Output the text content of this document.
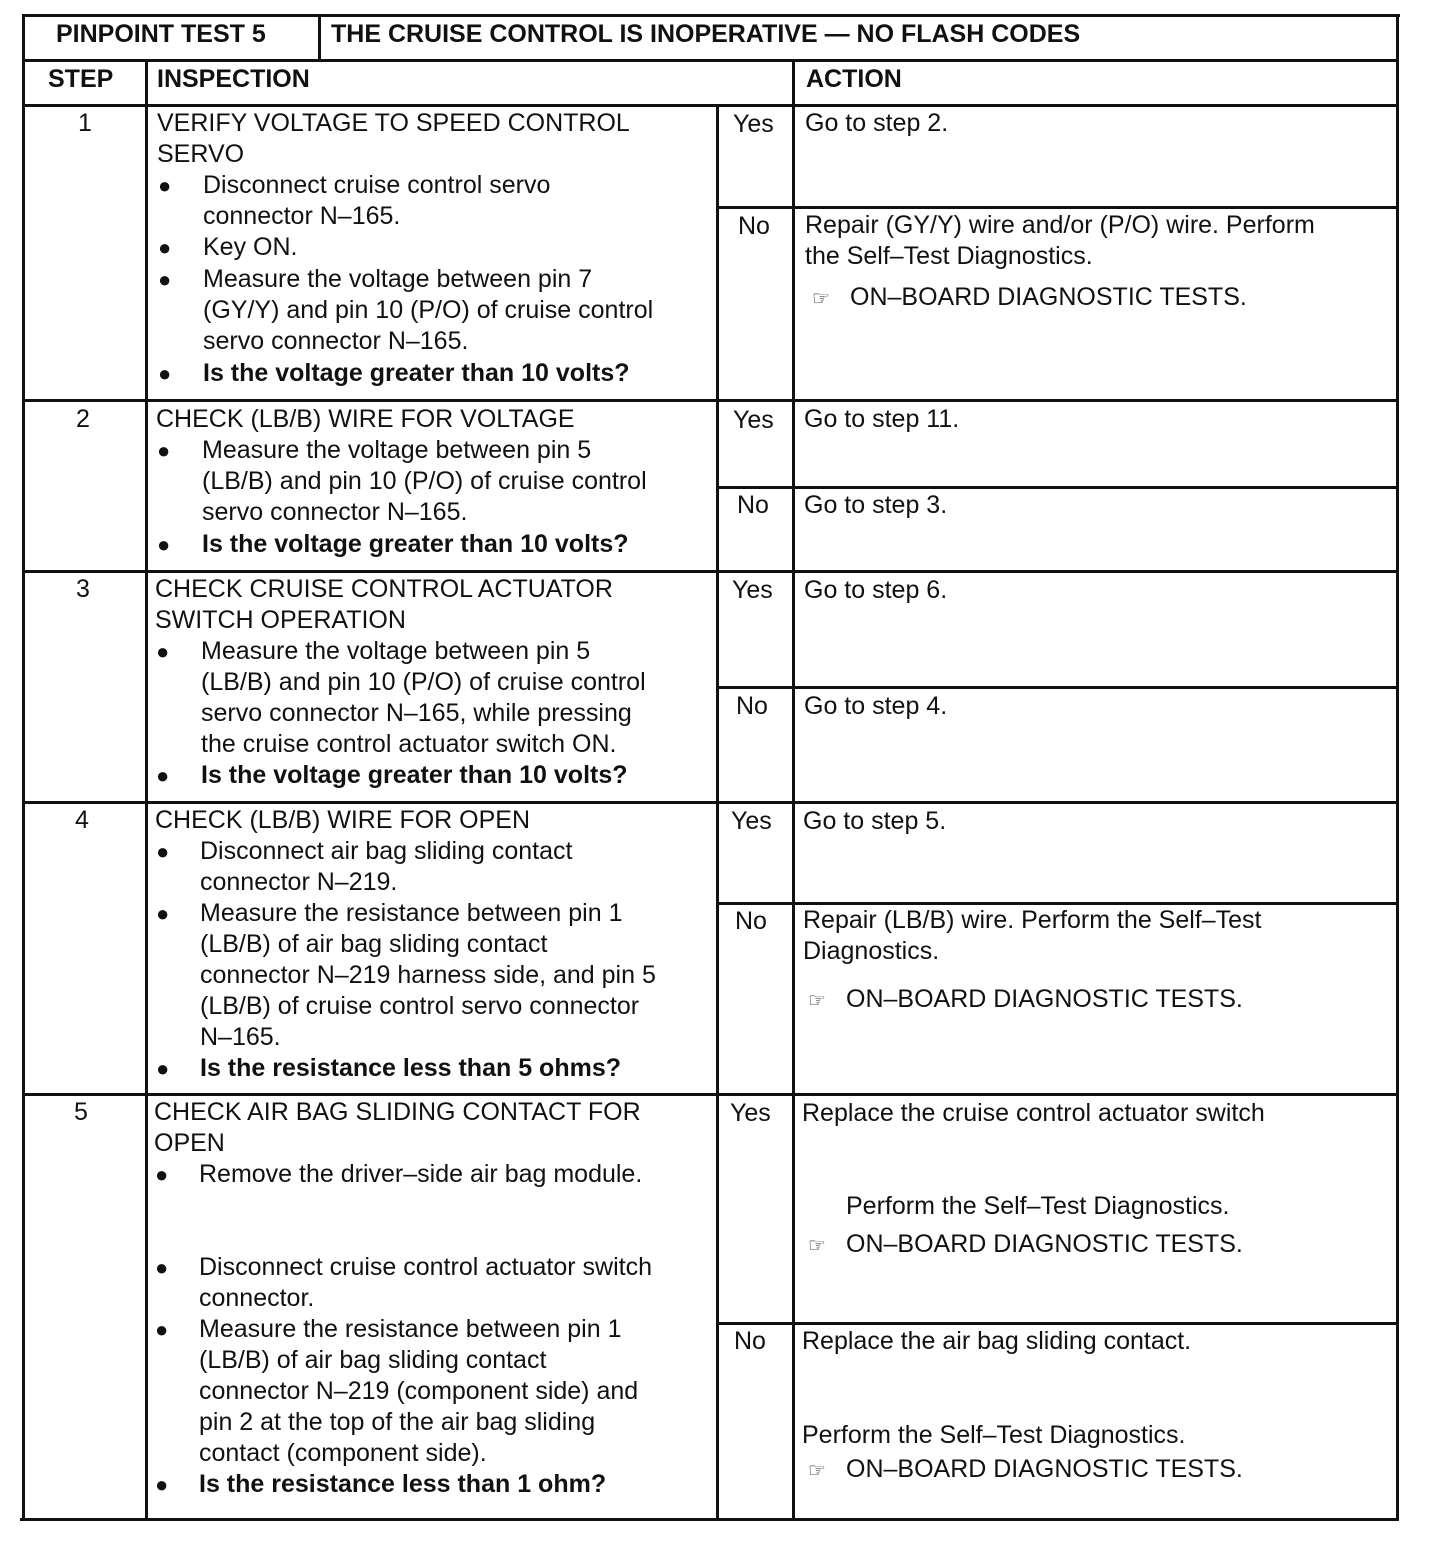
PINPOINT TEST 5	THE CRUISE CONTROL IS INOPERATIVE — NO FLASH CODES
STEP INSPECTION	ACTION
1	VERIFY VOLTAGE TO SPEED CONTROL
SERVO
● Disconnect cruise control servo
connector N–165.
● Key ON.
● Measure the voltage between pin 7
(GY/Y) and pin 10 (P/O) of cruise control
servo connector N–165.
● Is the voltage greater than 10 volts?
Yes Go to step 2.
No Repair (GY/Y) wire and/or (P/O) wire. Perform
the Self–Test Diagnostics.
☞ ON–BOARD DIAGNOSTIC TESTS.
2	CHECK (LB/B) WIRE FOR VOLTAGE
● Measure the voltage between pin 5
(LB/B) and pin 10 (P/O) of cruise control
servo connector N–165.
● Is the voltage greater than 10 volts?
Yes Go to step 11.
No Go to step 3.
3	CHECK CRUISE CONTROL ACTUATOR
SWITCH OPERATION
● Measure the voltage between pin 5
(LB/B) and pin 10 (P/O) of cruise control
servo connector N–165, while pressing
the cruise control actuator switch ON.
● Is the voltage greater than 10 volts?
Yes Go to step 6.
No Go to step 4.
4	CHECK (LB/B) WIRE FOR OPEN
● Disconnect air bag sliding contact
connector N–219.
● Measure the resistance between pin 1
(LB/B) of air bag sliding contact
connector N–219 harness side, and pin 5
(LB/B) of cruise control servo connector
N–165.
● Is the resistance less than 5 ohms?
Yes Go to step 5.
No Repair (LB/B) wire. Perform the Self–Test
Diagnostics.
☞ ON–BOARD DIAGNOSTIC TESTS.
5	CHECK AIR BAG SLIDING CONTACT FOR
OPEN
● Remove the driver–side air bag module.
● Disconnect cruise control actuator switch
connector.
● Measure the resistance between pin 1
(LB/B) of air bag sliding contact
connector N–219 (component side) and
pin 2 at the top of the air bag sliding
contact (component side).
● Is the resistance less than 1 ohm?
Yes Replace the cruise control actuator switch
Perform the Self–Test Diagnostics.
☞ ON–BOARD DIAGNOSTIC TESTS.
No Replace the air bag sliding contact.
Perform the Self–Test Diagnostics.
☞ ON–BOARD DIAGNOSTIC TESTS.
